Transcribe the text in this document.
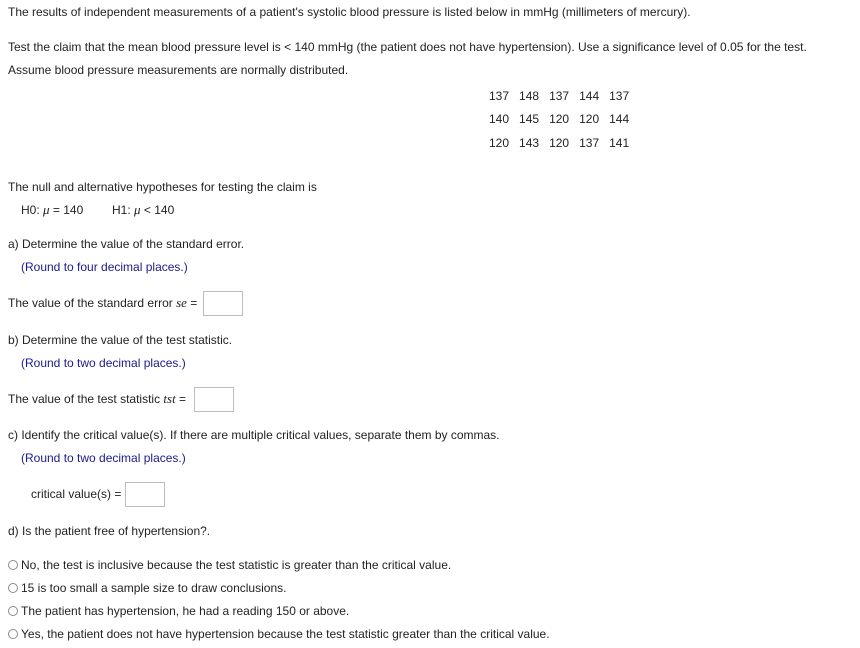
The results of independent measurements of a patient's systolic blood pressure is listed below in mmHg (millimeters of mercury).
Test the claim that the mean blood pressure level is < 140 mmHg (the patient does not have hypertension). Use a significance level of 0.05 for the test.
Assume blood pressure measurements are normally distributed.
137	148	137	144	137
140	145	120	120	144
120	143	120	137	141
The null and alternative hypotheses for testing the claim is
H0: μ = 140 H1: μ < 140
a) Determine the value of the standard error.
(Round to four decimal places.)
The value of the standard error se =
b) Determine the value of the test statistic.
(Round to two decimal places.)
The value of the test statistic tst =
c) Identify the critical value(s). If there are multiple critical values, separate them by commas.
(Round to two decimal places.)
critical value(s) =
d) Is the patient free of hypertension?.
No, the test is inclusive because the test statistic is greater than the critical value.
15 is too small a sample size to draw conclusions.
The patient has hypertension, he had a reading 150 or above.
Yes, the patient does not have hypertension because the test statistic greater than the critical value.
